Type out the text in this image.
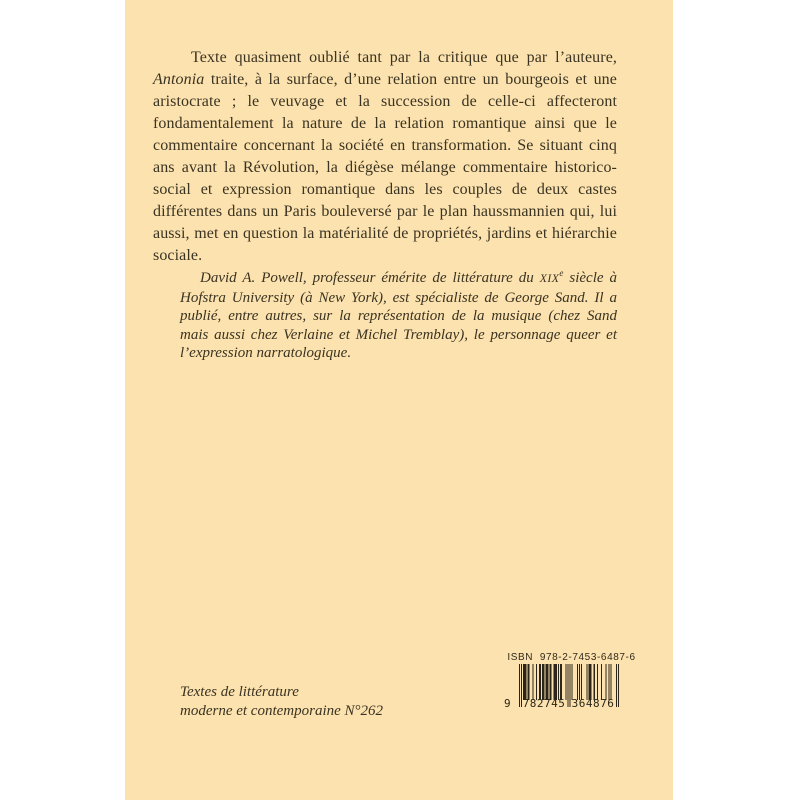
Texte quasiment oublié tant par la critique que par l’auteure, Antonia traite, à la surface, d’une relation entre un bourgeois et une aristocrate ; le veuvage et la succession de celle-ci affecteront fondamentalement la nature de la relation romantique ainsi que le commentaire concernant la société en transformation. Se situant cinq ans avant la Révolution, la diégèse mélange commentaire historico-social et expression romantique dans les couples de deux castes différentes dans un Paris bouleversé par le plan haussmannien qui, lui aussi, met en question la matérialité de propriétés, jardins et hiérarchie sociale.

David A. Powell, professeur émérite de littérature du XIXe siècle à Hofstra University (à New York), est spécialiste de George Sand. Il a publié, entre autres, sur la représentation de la musique (chez Sand mais aussi chez Verlaine et Michel Tremblay), le personnage queer et l’expression narratologique.

Textes de littérature
moderne et contemporaine N°262
ISBN  978-2-7453-6487-6
9 782745 364876
